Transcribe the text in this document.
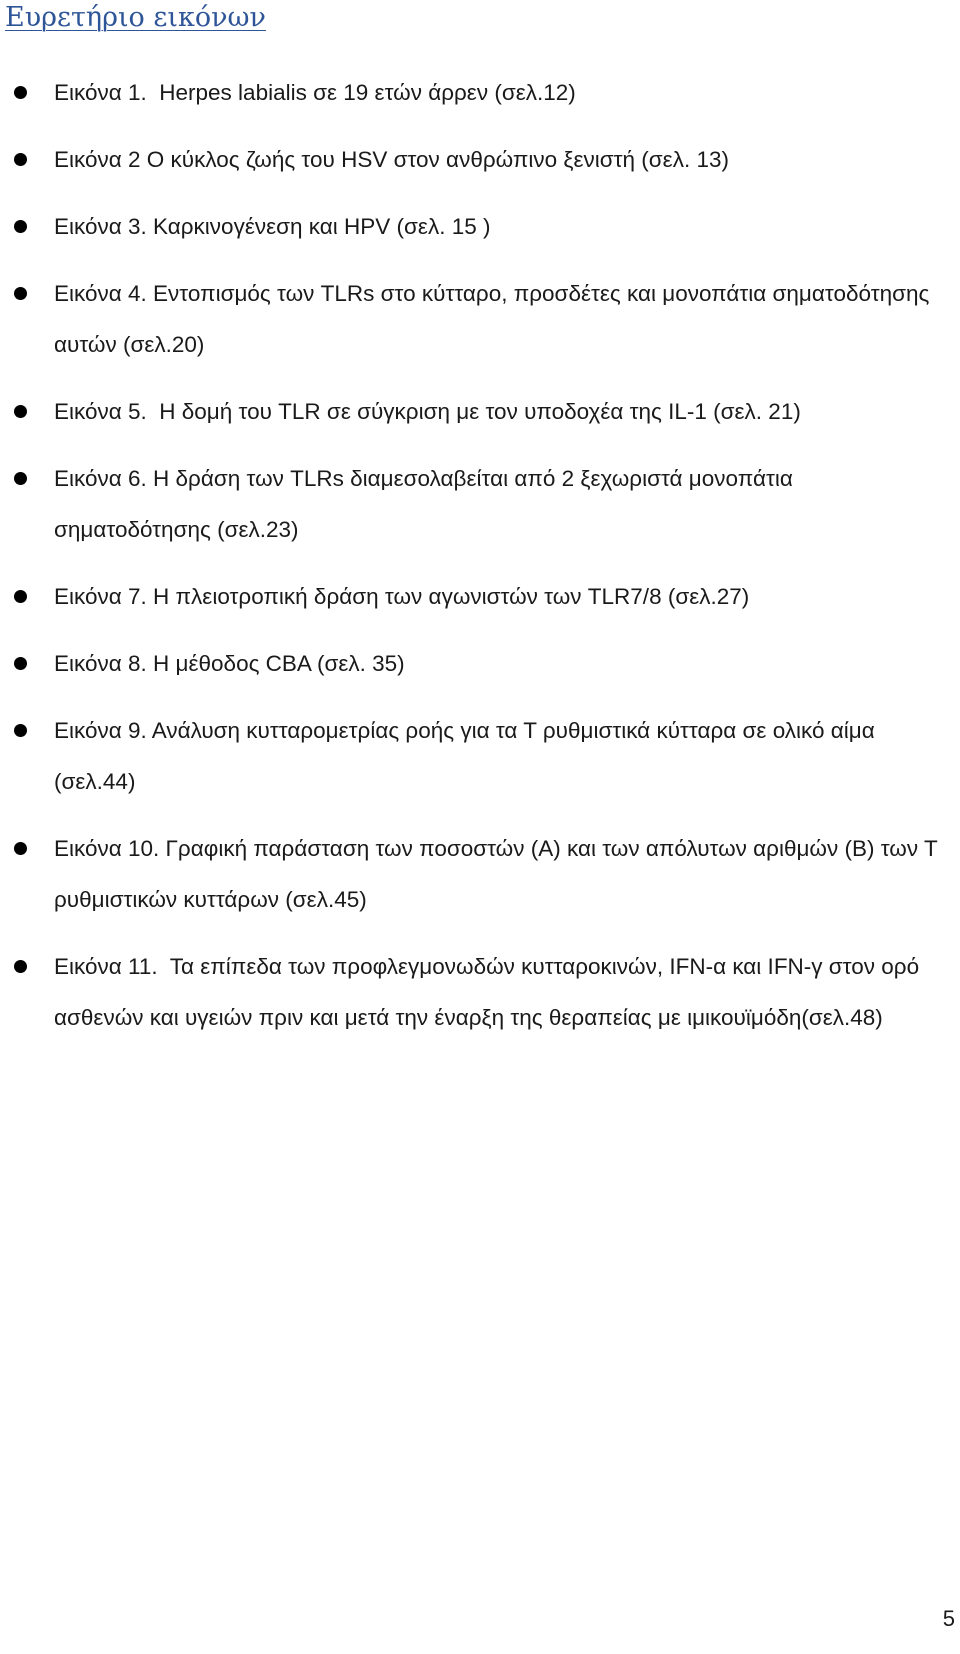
Ευρετήριο εικόνων
Εικόνα 1.  Herpes labialis σε 19 ετών άρρεν (σελ.12)
Εικόνα 2 Ο κύκλος ζωής του HSV στον ανθρώπινο ξενιστή (σελ. 13)
Εικόνα 3. Καρκινογένεση και HPV (σελ. 15 )
Εικόνα 4. Εντοπισμός των TLRs στο κύτταρο, προσδέτες και μονοπάτια σηματοδότησης αυτών (σελ.20)
Εικόνα 5.  Η δομή του TLR σε σύγκριση με τον υποδοχέα της IL-1 (σελ. 21)
Εικόνα 6. Η δράση των TLRs διαμεσολαβείται από 2 ξεχωριστά μονοπάτια σηματοδότησης (σελ.23)
Εικόνα 7. Η πλειοτροπική δράση των αγωνιστών των TLR7/8 (σελ.27)
Εικόνα 8. Η μέθοδος CBA (σελ. 35)
Εικόνα 9. Ανάλυση κυτταρομετρίας ροής για τα Τ ρυθμιστικά κύτταρα σε ολικό αίμα (σελ.44)
Εικόνα 10. Γραφική παράσταση των ποσοστών (Α) και των απόλυτων αριθμών (Β) των Τ ρυθμιστικών κυττάρων (σελ.45)
Εικόνα 11.  Τα επίπεδα των προφλεγμονωδών κυτταροκινών, IFN-α και IFN-γ στον ορό ασθενών και υγειών πριν και μετά την έναρξη της θεραπείας με ιμικουϊμόδη(σελ.48)
5
